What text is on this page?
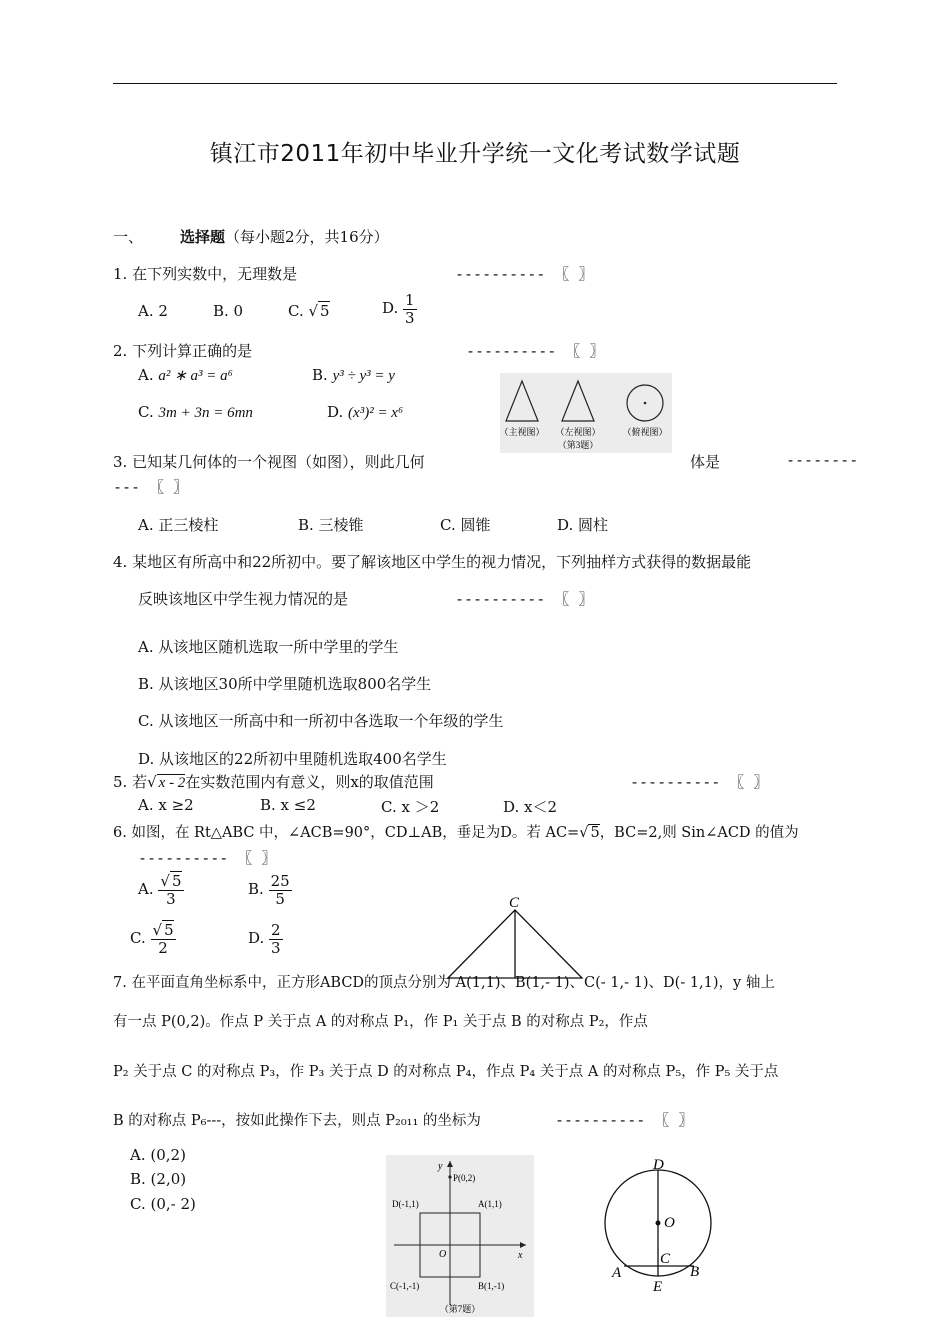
镇江市2011年初中毕业升学统一文化考试数学试题
一、 选择题（每小题2分，共16分）
1. 在下列实数中，无理数是	---------- 〖 〗
A. 2	B. 0	C. √ 5	D. $\frac{1}{3}$
2. 下列计算正确的是	---------- 〖 〗
A. a² ∗ a³ = a⁶	B. y³ ÷ y³ = y
C. 3m + 3n = 6mn	D. (x³)² = x⁶
（主视图） （左视图） （俯视图）
（第3题）
3. 已知某几何体的一个视图（如图），则此几何	体是	--------
--- 〖 〗
A. 正三棱柱	B. 三棱锥	C. 圆锥	D. 圆柱
4. 某地区有所高中和22所初中。要了解该地区中学生的视力情况，下列抽样方式获得的数据最能
反映该地区中学生视力情况的是	---------- 〖 〗
A. 从该地区随机选取一所中学里的学生
B. 从该地区30所中学里随机选取800名学生
C. 从该地区一所高中和一所初中各选取一个年级的学生
D. 从该地区的22所初中里随机选取400名学生
5. 若√ x - 2在实数范围内有意义，则x的取值范围	---------- 〖 〗
A. x ≥2	B. x ≤2	C. x ＞2	D. x＜2
6. 如图，在 Rt△ABC 中，∠ACB=90°，CD⊥AB，垂足为D。若 AC=√ 5，BC=2,则 Sin∠ACD 的值为
---------- 〖 〗
A. $\frac{√ 5}{3}$	B. $\frac{25}{5}$
C. $\frac{√ 5}{2}$	D. $\frac{2}{3}$
C
7. 在平面直角坐标系中，正方形ABCD的顶点分别为 A(1,1)、B(1,- 1)、C(- 1,- 1)、D(- 1,1)，y 轴上
有一点 P(0,2)。作点 P 关于点 A 的对称点 P₁，作 P₁ 关于点 B 的对称点 P₂，作点
P₂ 关于点 C 的对称点 P₃，作 P₃ 关于点 D 的对称点 P₄，作点 P₄ 关于点 A 的对称点 P₅，作 P₅ 关于点
B 的对称点 P₆---，按如此操作下去，则点 P₂₀₁₁ 的坐标为	---------- 〖 〗
A. (0,2)
B. (2,0)
C. (0,- 2)
y
x
O
P(0,2)
D(-1,1)	A(1,1)
C(-1,-1)	B(1,-1)
（第7题）
D
O
C
A	B
E
